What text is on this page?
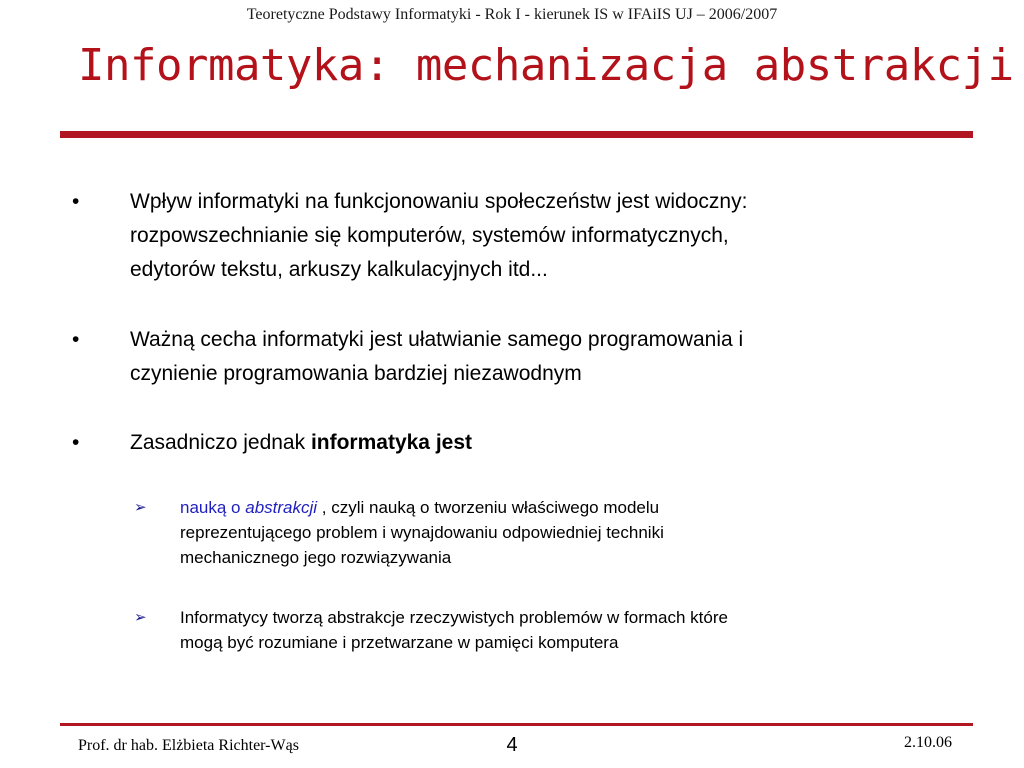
Teoretyczne Podstawy Informatyki - Rok I - kierunek IS w IFAiIS UJ – 2006/2007
Informatyka: mechanizacja abstrakcji
•	Wpływ informatyki na funkcjonowaniu społeczeństw jest widoczny:
rozpowszechnianie się komputerów, systemów informatycznych,
edytorów tekstu, arkuszy kalkulacyjnych itd...
•	Ważną cecha informatyki jest ułatwianie samego programowania i
czynienie programowania bardziej niezawodnym
•	Zasadniczo jednak informatyka jest
➢	nauką o abstrakcji , czyli nauką o tworzeniu właściwego modelu
reprezentującego problem i wynajdowaniu odpowiedniej techniki
mechanicznego jego rozwiązywania
➢	Informatycy tworzą abstrakcje rzeczywistych problemów w formach które
mogą być rozumiane i przetwarzane w pamięci komputera
Prof. dr hab. Elżbieta Richter-Wąs	4	2.10.06
